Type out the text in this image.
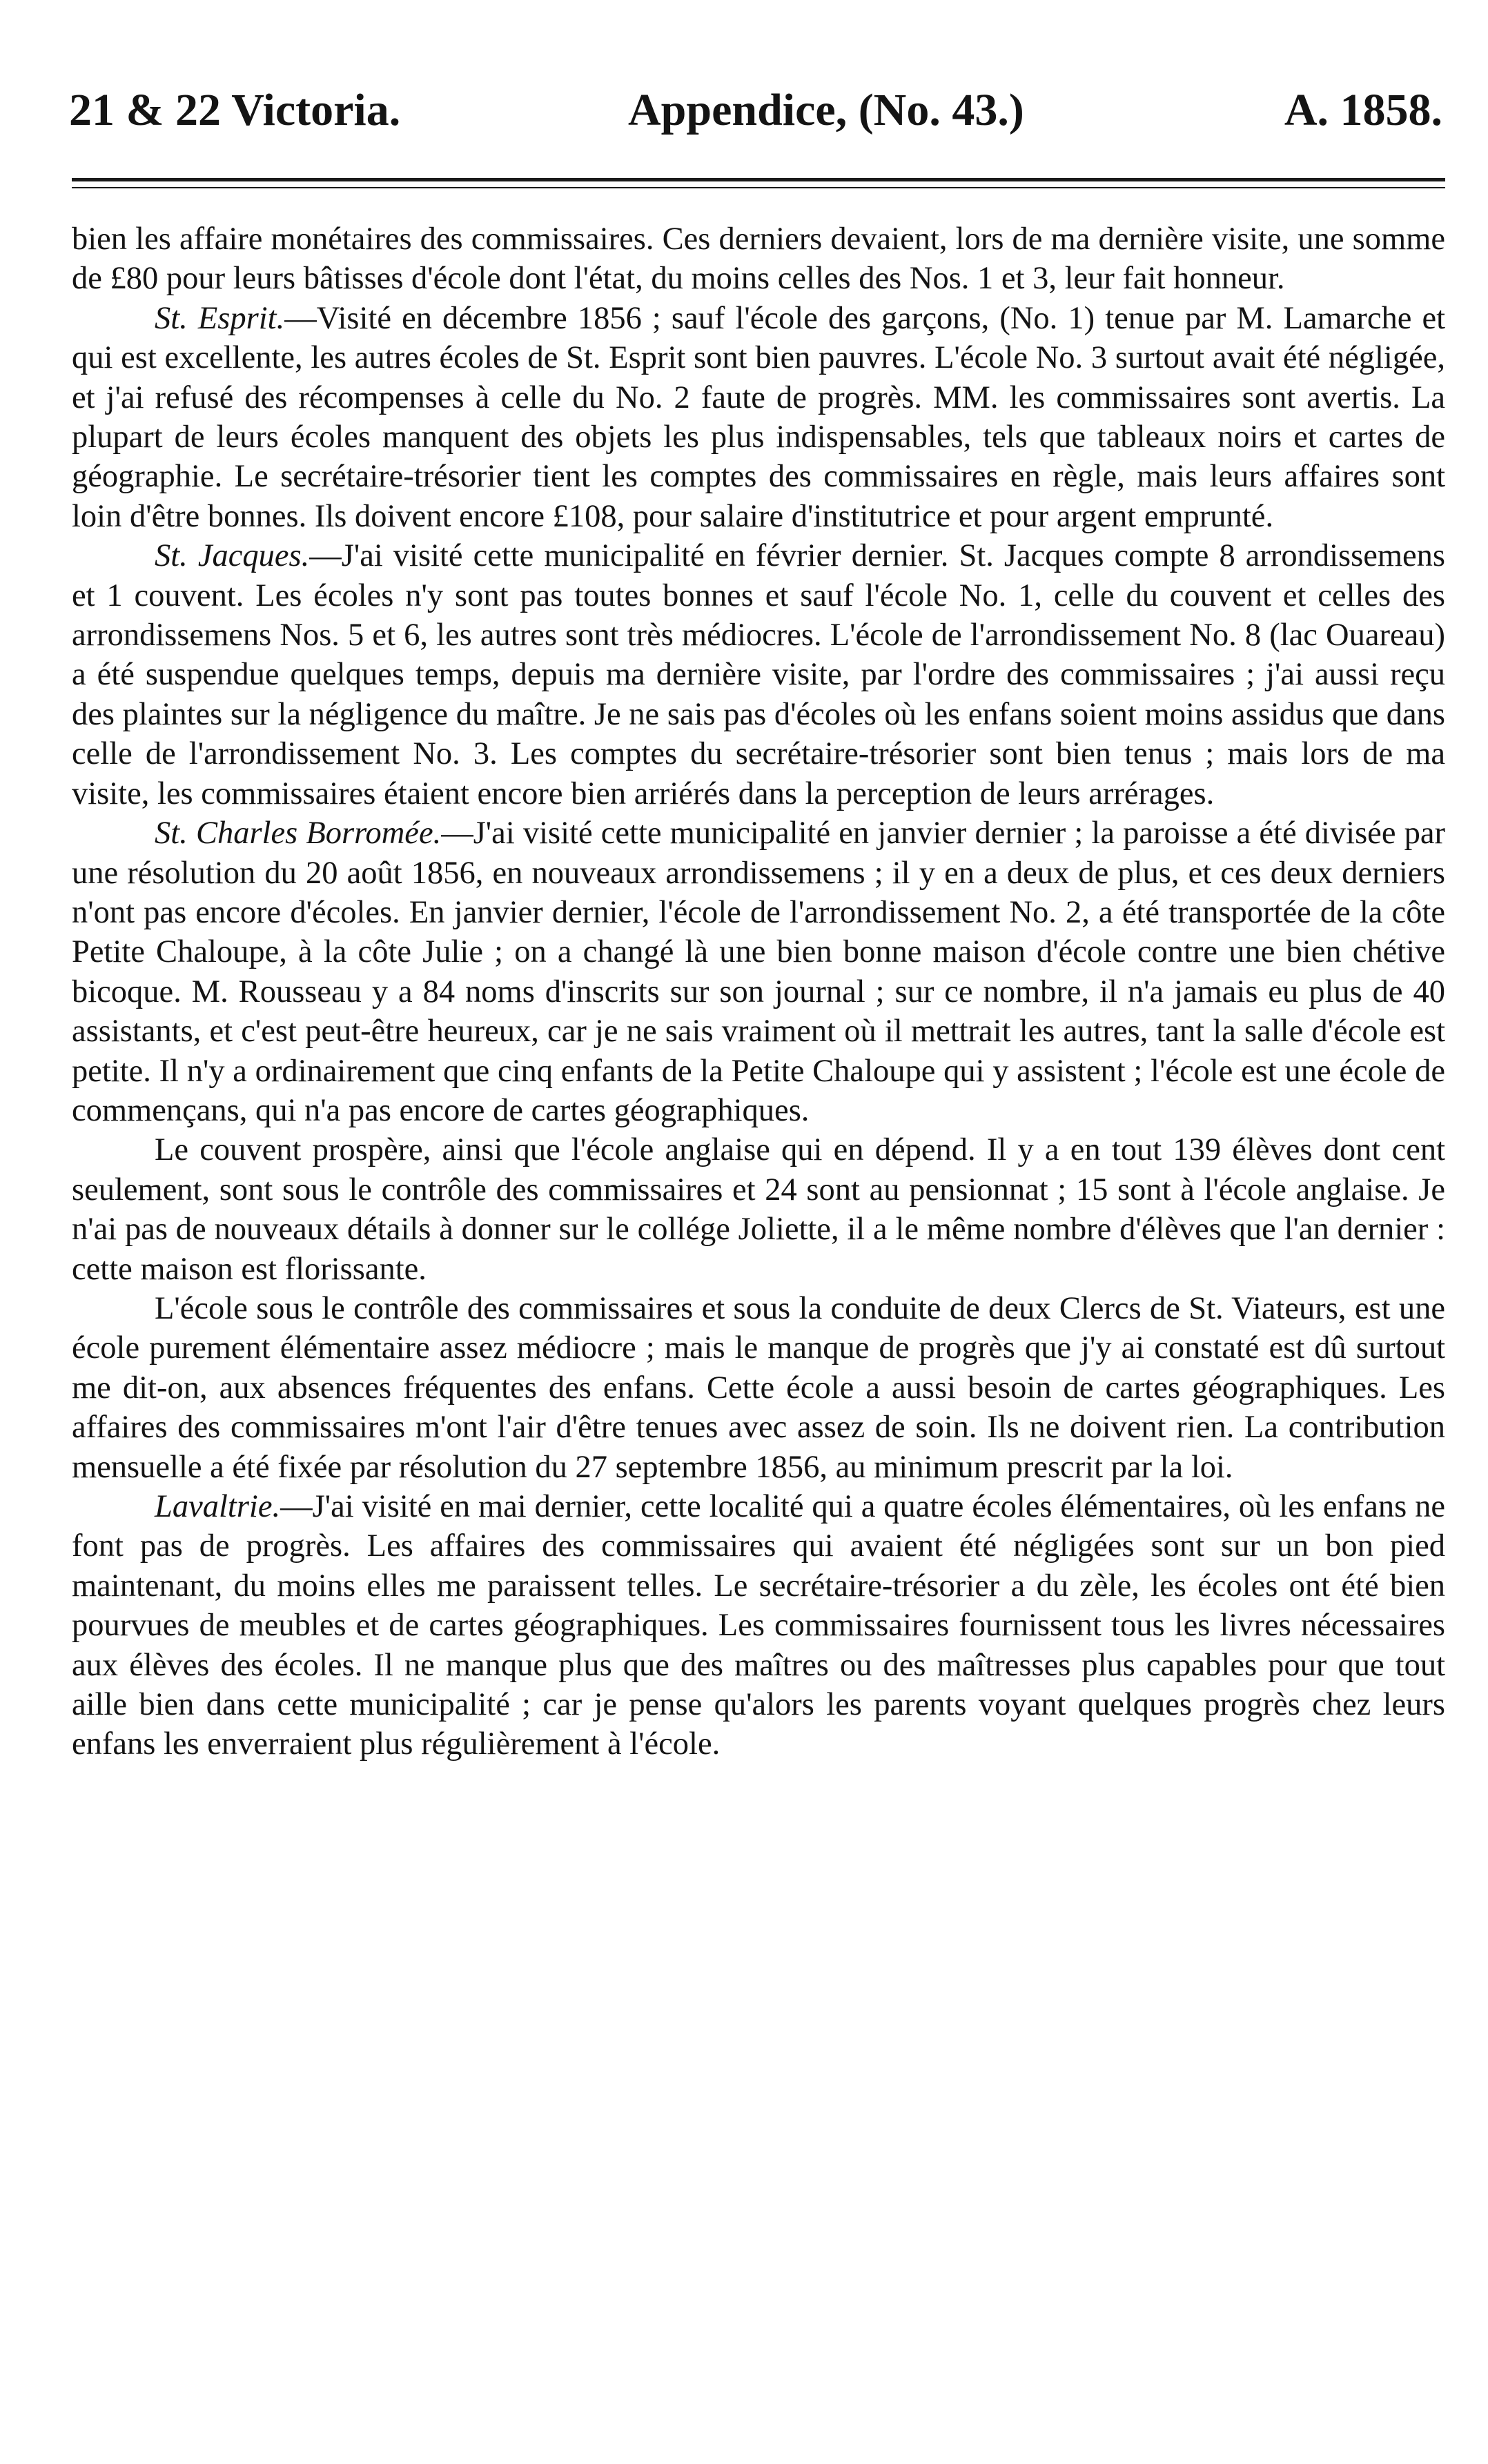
21 & 22 Victoria.	Appendice, (No. 43.)	A. 1858.

bien les affaire monétaires des commissaires. Ces derniers devaient, lors de ma dernière visite, une somme de £80 pour leurs bâtisses d'école dont l'état, du moins celles des Nos. 1 et 3, leur fait honneur.

St. Esprit.—Visité en décembre 1856 ; sauf l'école des garçons, (No. 1) tenue par M. Lamarche et qui est excellente, les autres écoles de St. Esprit sont bien pauvres. L'école No. 3 surtout avait été négligée, et j'ai refusé des récompenses à celle du No. 2 faute de progrès. MM. les commissaires sont avertis. La plupart de leurs écoles manquent des objets les plus indispensables, tels que tableaux noirs et cartes de géographie. Le secrétaire-trésorier tient les comptes des commissaires en règle, mais leurs affaires sont loin d'être bonnes. Ils doivent encore £108, pour salaire d'institutrice et pour argent emprunté.

St. Jacques.—J'ai visité cette municipalité en février dernier. St. Jacques compte 8 arrondissemens et 1 couvent. Les écoles n'y sont pas toutes bonnes et sauf l'école No. 1, celle du couvent et celles des arrondissemens Nos. 5 et 6, les autres sont très médiocres. L'école de l'arrondissement No. 8 (lac Ouareau) a été suspendue quelques temps, depuis ma dernière visite, par l'ordre des commissaires ; j'ai aussi reçu des plaintes sur la négligence du maître. Je ne sais pas d'écoles où les enfans soient moins assidus que dans celle de l'arrondissement No. 3. Les comptes du secrétaire-trésorier sont bien tenus ; mais lors de ma visite, les commissaires étaient encore bien arriérés dans la perception de leurs arrérages.

St. Charles Borromée.—J'ai visité cette municipalité en janvier dernier ; la paroisse a été divisée par une résolution du 20 août 1856, en nouveaux arrondissemens ; il y en a deux de plus, et ces deux derniers n'ont pas encore d'écoles. En janvier dernier, l'école de l'arrondissement No. 2, a été transportée de la côte Petite Chaloupe, à la côte Julie ; on a changé là une bien bonne maison d'école contre une bien chétive bicoque. M. Rousseau y a 84 noms d'inscrits sur son journal ; sur ce nombre, il n'a jamais eu plus de 40 assistants, et c'est peut-être heureux, car je ne sais vraiment où il mettrait les autres, tant la salle d'école est petite. Il n'y a ordinairement que cinq enfants de la Petite Chaloupe qui y assistent ; l'école est une école de commençans, qui n'a pas encore de cartes géographiques.

Le couvent prospère, ainsi que l'école anglaise qui en dépend. Il y a en tout 139 élèves dont cent seulement, sont sous le contrôle des commissaires et 24 sont au pensionnat ; 15 sont à l'école anglaise. Je n'ai pas de nouveaux détails à donner sur le collége Joliette, il a le même nombre d'élèves que l'an dernier : cette maison est florissante.

L'école sous le contrôle des commissaires et sous la conduite de deux Clercs de St. Viateurs, est une école purement élémentaire assez médiocre ; mais le manque de progrès que j'y ai constaté est dû surtout me dit-on, aux absences fréquentes des enfans. Cette école a aussi besoin de cartes géographiques. Les affaires des commissaires m'ont l'air d'être tenues avec assez de soin. Ils ne doivent rien. La contribution mensuelle a été fixée par résolution du 27 septembre 1856, au minimum prescrit par la loi.

Lavaltrie.—J'ai visité en mai dernier, cette localité qui a quatre écoles élémentaires, où les enfans ne font pas de progrès. Les affaires des commissaires qui avaient été négligées sont sur un bon pied maintenant, du moins elles me paraissent telles. Le secrétaire-trésorier a du zèle, les écoles ont été bien pourvues de meubles et de cartes géographiques. Les commissaires fournissent tous les livres nécessaires aux élèves des écoles. Il ne manque plus que des maîtres ou des maîtresses plus capables pour que tout aille bien dans cette municipalité ; car je pense qu'alors les parents voyant quelques progrès chez leurs enfans les enverraient plus régulièrement à l'école.
